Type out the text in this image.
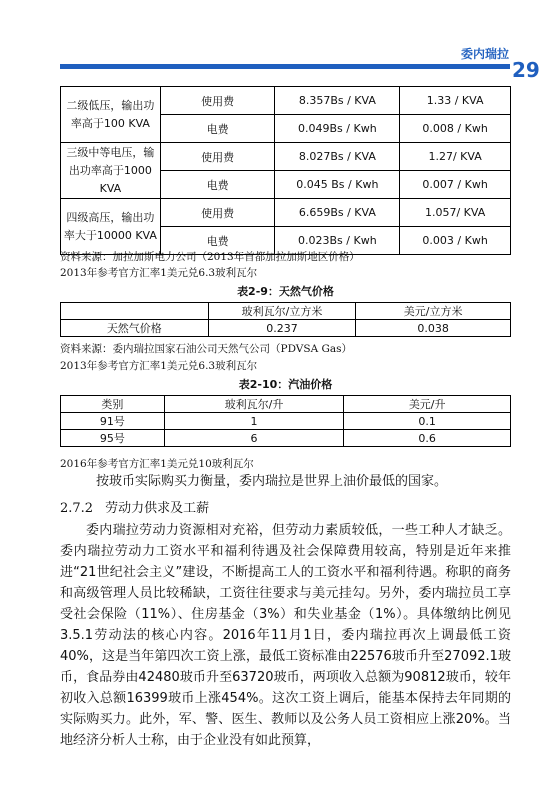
委内瑞拉
29
二级低压，输出功率高于100 KVA	使用费	8.357Bs / KVA	1.33 / KVA
	电费	0.049Bs / Kwh	0.008 / Kwh
三级中等电压，输出功率高于1000 KVA	使用费	8.027Bs / KVA	1.27/ KVA
	电费	0.045 Bs / Kwh	0.007 / Kwh
四级高压，输出功率大于10000 KVA	使用费	6.659Bs / KVA	1.057/ KVA
	电费	0.023Bs / Kwh	0.003 / Kwh
资料来源：加拉加斯电力公司（2013年首都加拉加斯地区价格）
2013年参考官方汇率1美元兑6.3玻利瓦尔
表2-9：天然气价格
	玻利瓦尔/立方米	美元/立方米
天然气价格	0.237	0.038
资料来源：委内瑞拉国家石油公司天然气公司（PDVSA Gas）
2013年参考官方汇率1美元兑6.3玻利瓦尔
表2-10：汽油价格
类别	玻利瓦尔/升	美元/升
91号	1	0.1
95号	6	0.6
2016年参考官方汇率1美元兑10玻利瓦尔
按玻币实际购买力衡量，委内瑞拉是世界上油价最低的国家。
2.7.2 劳动力供求及工薪
委内瑞拉劳动力资源相对充裕，但劳动力素质较低，一些工种人才缺乏。委内瑞拉劳动力工资水平和福利待遇及社会保障费用较高，特别是近年来推进“21世纪社会主义”建设，不断提高工人的工资水平和福利待遇。称职的商务和高级管理人员比较稀缺，工资往往要求与美元挂勾。另外，委内瑞拉员工享受社会保险（11%）、住房基金（3%）和失业基金（1%）。具体缴纳比例见3.5.1劳动法的核心内容。2016年11月1日，委内瑞拉再次上调最低工资40%，这是当年第四次工资上涨，最低工资标准由22576玻币升至27092.1玻币，食品券由42480玻币升至63720玻币，两项收入总额为90812玻币，较年初收入总额16399玻币上涨454%。这次工资上调后，能基本保持去年同期的实际购买力。此外，军、警、医生、教师以及公务人员工资相应上涨20%。当地经济分析人士称，由于企业没有如此预算，
